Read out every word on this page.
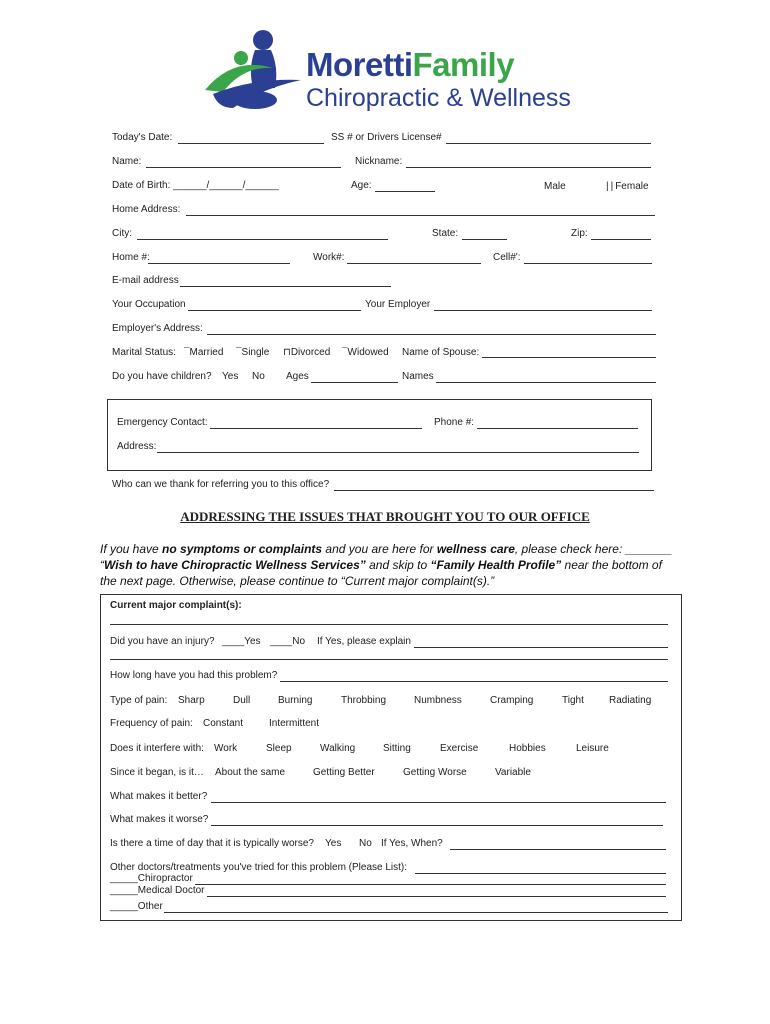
MorettiFamily
Chiropractic & Wellness
Today's Date:	SS # or Drivers License#
Name:	Nickname:
Date of Birth: ______/______/______	Age:	Male	 | | Female
Home Address:
City:	State:	Zip:
Home #:	Work#:	Cell#':
E-mail address
Your Occupation	Your Employer
Employer's Address:
Marital Status: ¯Married ¯Single ⊓Divorced ¯Widowed Name of Spouse:
Do you have children? Yes No Ages	Names
Emergency Contact:	Phone #:
Address:
Who can we thank for referring you to this office?
ADDRESSING THE ISSUES THAT BROUGHT YOU TO OUR OFFICE
If you have no symptoms or complaints and you are here for wellness care, please check here: _______ “Wish to have Chiropractic Wellness Services” and skip to “Family Health Profile” near the bottom of the next page. Otherwise, please continue to “Current major complaint(s).”
Current major complaint(s):
Did you have an injury? ____Yes ____No If Yes, please explain
How long have you had this problem?
Type of pain: Sharp	Dull	Burning	Throbbing	Numbness	Cramping	Tight	Radiating
Frequency of pain: Constant	Intermittent
Does it interfere with: Work	Sleep	Walking	Sitting	Exercise	Hobbies	Leisure
Since it began, is it… About the same	Getting Better	Getting Worse	Variable
What makes it better?
What makes it worse?
Is there a time of day that it is typically worse? Yes No If Yes, When?
Other doctors/treatments you've tried for this problem (Please List):
_____Chiropractor
_____Medical Doctor
_____Other
